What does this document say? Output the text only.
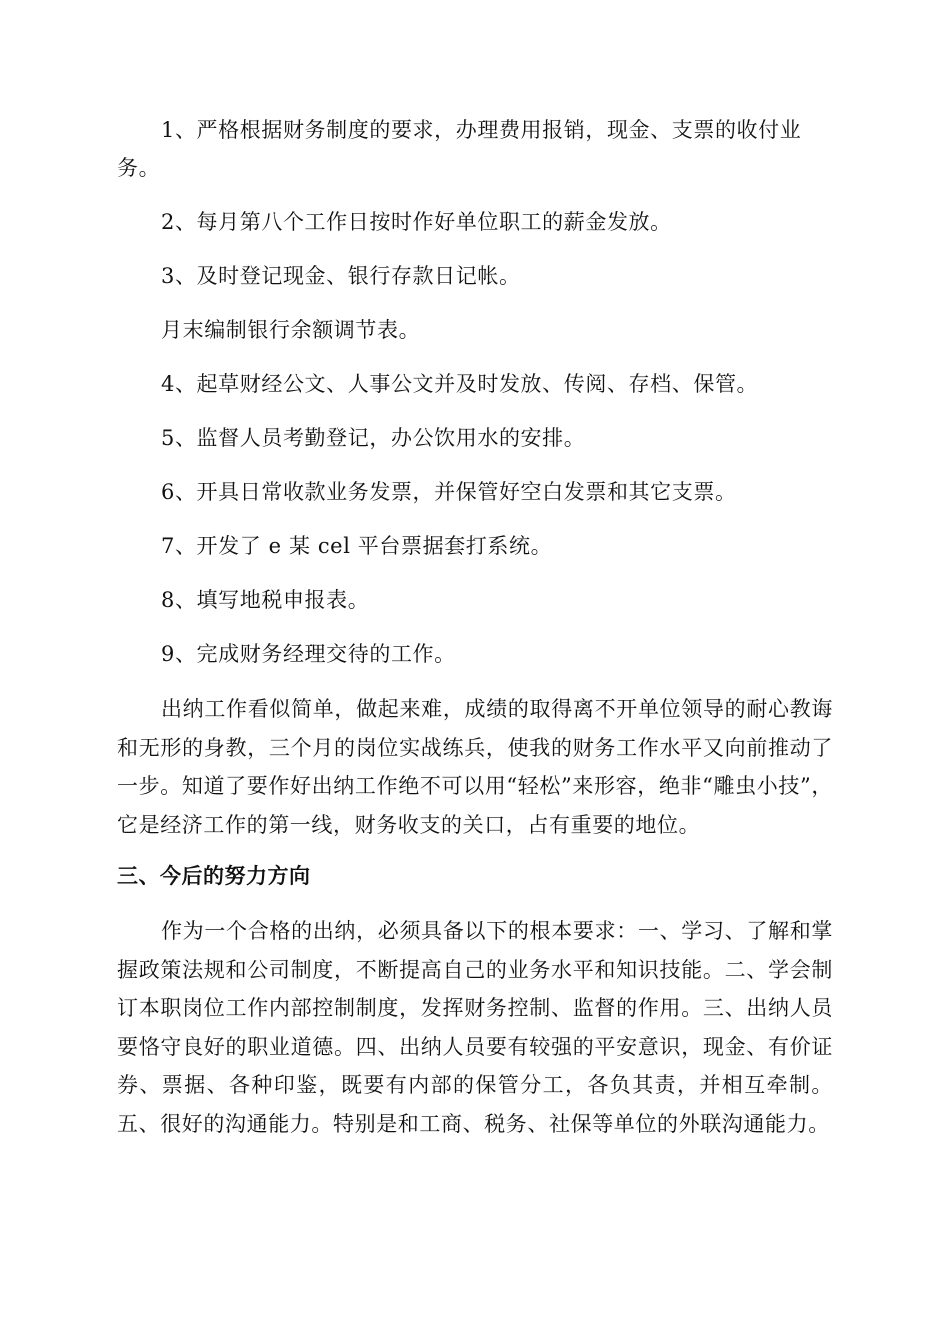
1、严格根据财务制度的要求，办理费用报销，现金、支票的收付业
务。
2、每月第八个工作日按时作好单位职工的薪金发放。
3、及时登记现金、银行存款日记帐。
月末编制银行余额调节表。
4、起草财经公文、人事公文并及时发放、传阅、存档、保管。
5、监督人员考勤登记，办公饮用水的安排。
6、开具日常收款业务发票，并保管好空白发票和其它支票。
7、开发了 e 某 cel 平台票据套打系统。
8、填写地税申报表。
9、完成财务经理交待的工作。
出纳工作看似简单，做起来难，成绩的取得离不开单位领导的耐心教诲和无形的身教，三个月的岗位实战练兵，使我的财务工作水平又向前推动了一步。知道了要作好出纳工作绝不可以用“轻松”来形容，绝非“雕虫小技”，它是经济工作的第一线，财务收支的关口，占有重要的地位。
三、今后的努力方向
作为一个合格的出纳，必须具备以下的根本要求：一、学习、了解和掌握政策法规和公司制度，不断提高自己的业务水平和知识技能。二、学会制订本职岗位工作内部控制制度，发挥财务控制、监督的作用。三、出纳人员要恪守良好的职业道德。四、出纳人员要有较强的平安意识，现金、有价证券、票据、各种印鉴，既要有内部的保管分工，各负其责，并相互牵制。五、很好的沟通能力。特别是和工商、税务、社保等单位的外联沟通能力。
